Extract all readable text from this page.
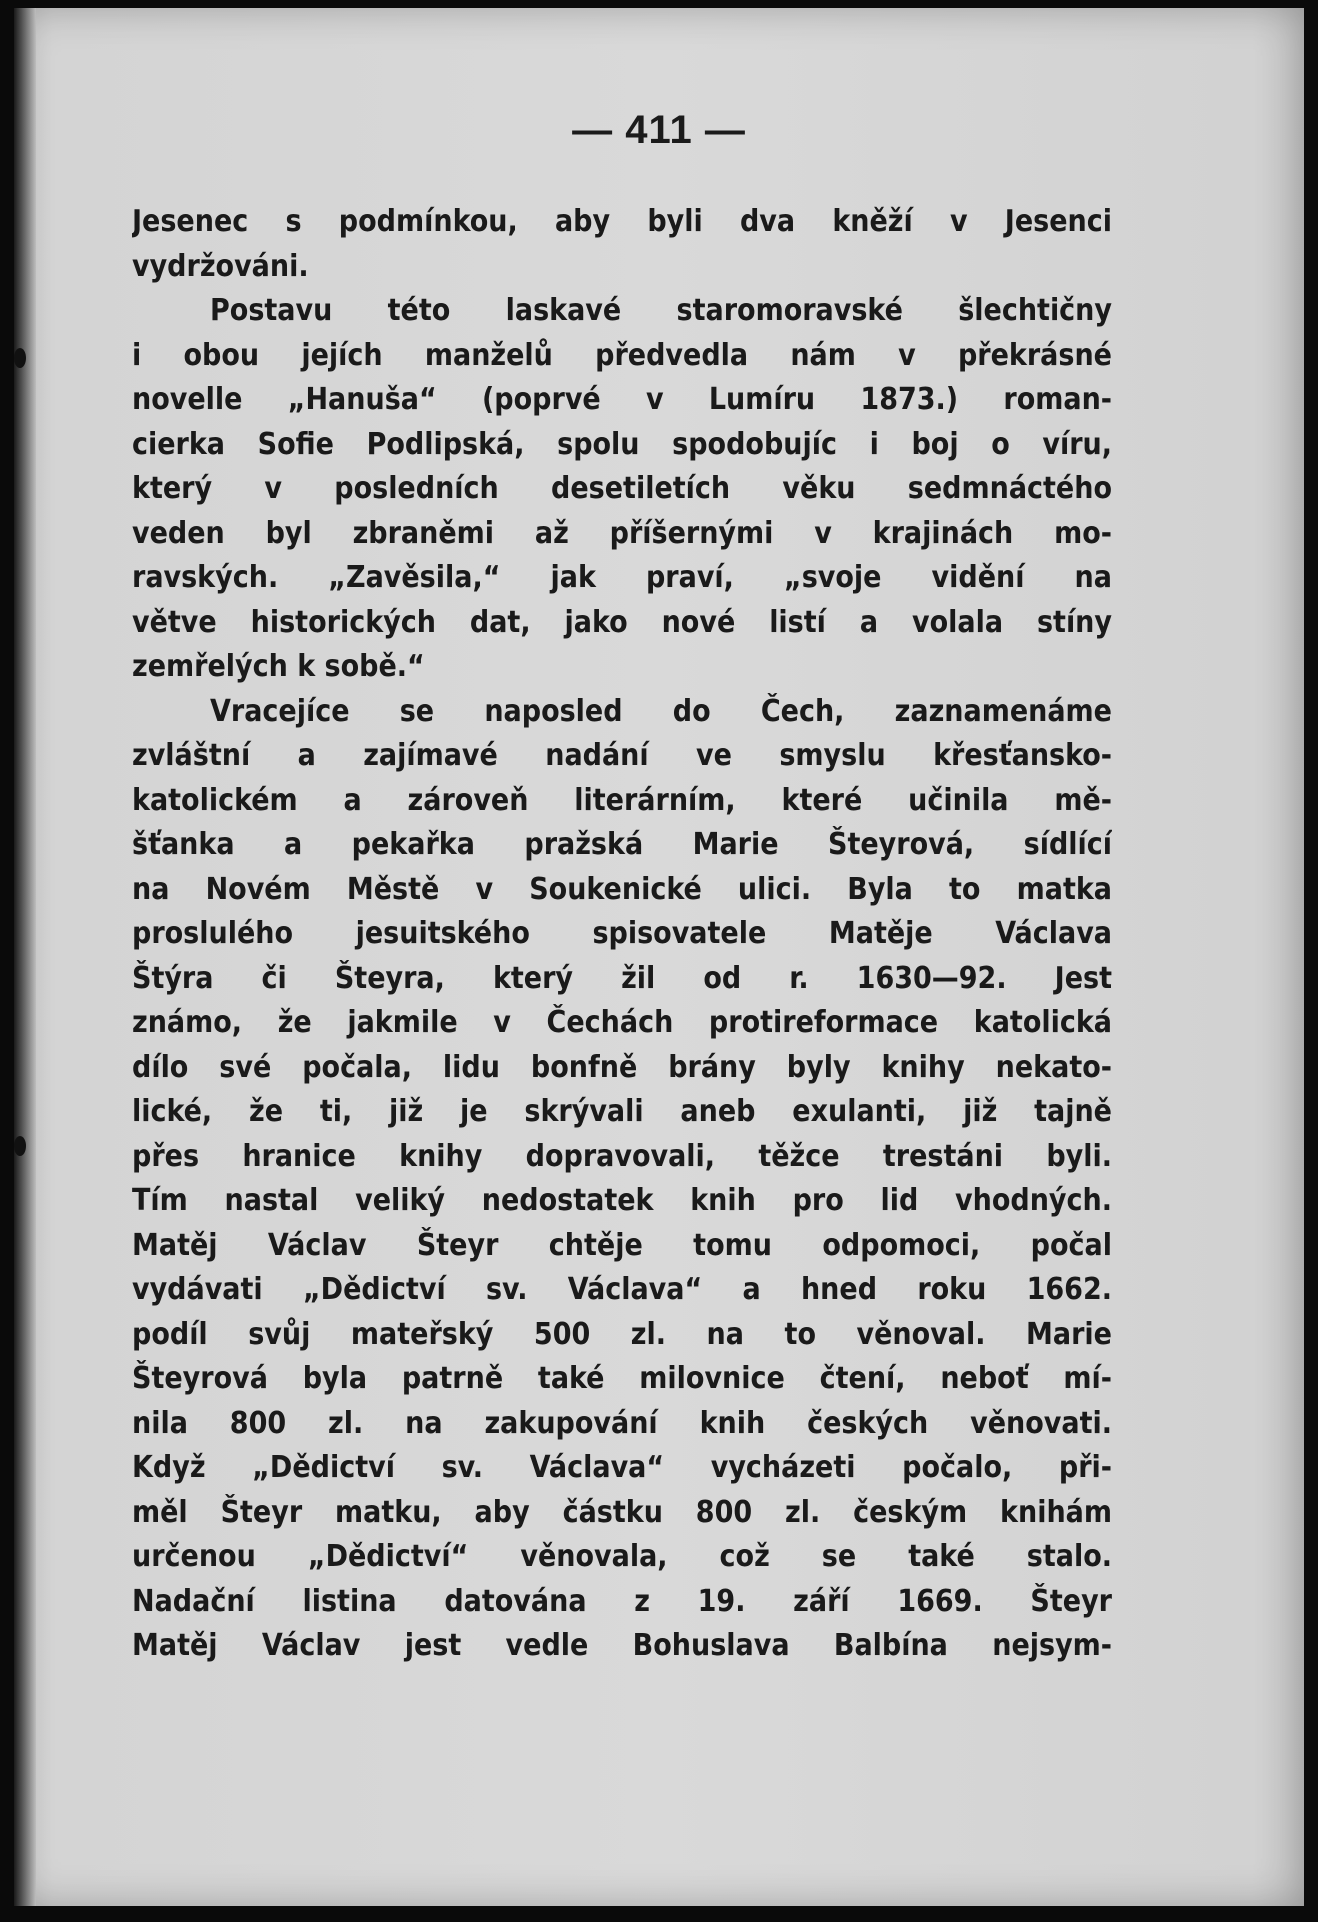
— 411 —
Jesenec s podmínkou, aby byli dva kněží v Jesenci
vydržováni.
Postavu této laskavé staromoravské šlechtičny
i obou jejích manželů předvedla nám v překrásné
novelle „Hanuša“ (poprvé v Lumíru 1873.) roman-
cierka Sofie Podlipská, spolu spodobujíc i boj o víru,
který v posledních desetiletích věku sedmnáctého
veden byl zbraněmi až příšernými v krajinách mo-
ravských. „Zavěsila,“ jak praví, „svoje vidění na
větve historických dat, jako nové listí a volala stíny
zemřelých k sobě.“
Vracejíce se naposled do Čech, zaznamenáme
zvláštní a zajímavé nadání ve smyslu křesťansko-
katolickém a zároveň literárním, které učinila mě-
šťanka a pekařka pražská Marie Šteyrová, sídlící
na Novém Městě v Soukenické ulici. Byla to matka
proslulého jesuitského spisovatele Matěje Václava
Štýra či Šteyra, který žil od r. 1630—92. Jest
známo, že jakmile v Čechách protireformace katolická
dílo své počala, lidu bonfně brány byly knihy nekato-
lické, že ti, již je skrývali aneb exulanti, již tajně
přes hranice knihy dopravovali, těžce trestáni byli.
Tím nastal veliký nedostatek knih pro lid vhodných.
Matěj Václav Šteyr chtěje tomu odpomoci, počal
vydávati „Dědictví sv. Václava“ a hned roku 1662.
podíl svůj mateřský 500 zl. na to věnoval. Marie
Šteyrová byla patrně také milovnice čtení, neboť mí-
nila 800 zl. na zakupování knih českých věnovati.
Když „Dědictví sv. Václava“ vycházeti počalo, při-
měl Šteyr matku, aby částku 800 zl. českým knihám
určenou „Dědictví“ věnovala, což se také stalo.
Nadační listina datována z 19. září 1669. Šteyr
Matěj Václav jest vedle Bohuslava Balbína nejsym-
